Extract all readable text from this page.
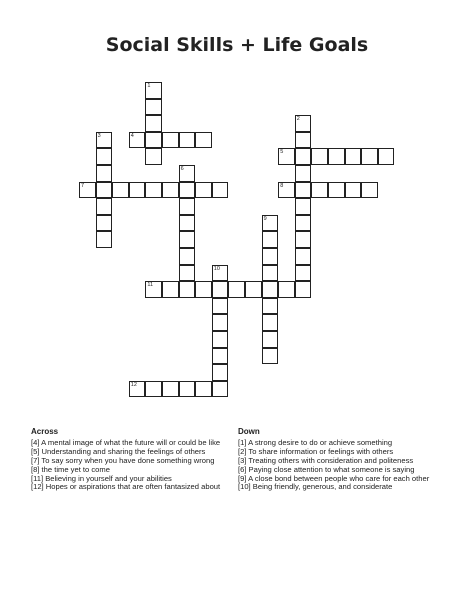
Social Skills + Life Goals
1
2
3	4
5
6
7	8
9
10
11
12
Across
[4] A mental image of what the future will or could be like
[5] Understanding and sharing the feelings of others
[7] To say sorry when you have done something wrong
[8] the time yet to come
[11] Believing in yourself and your abilities
[12] Hopes or aspirations that are often fantasized about
Down
[1] A strong desire to do or achieve something
[2] To share information or feelings with others
[3] Treating others with consideration and politeness
[6] Paying close attention to what someone is saying
[9] A close bond between people who care for each other
[10] Being friendly, generous, and considerate
